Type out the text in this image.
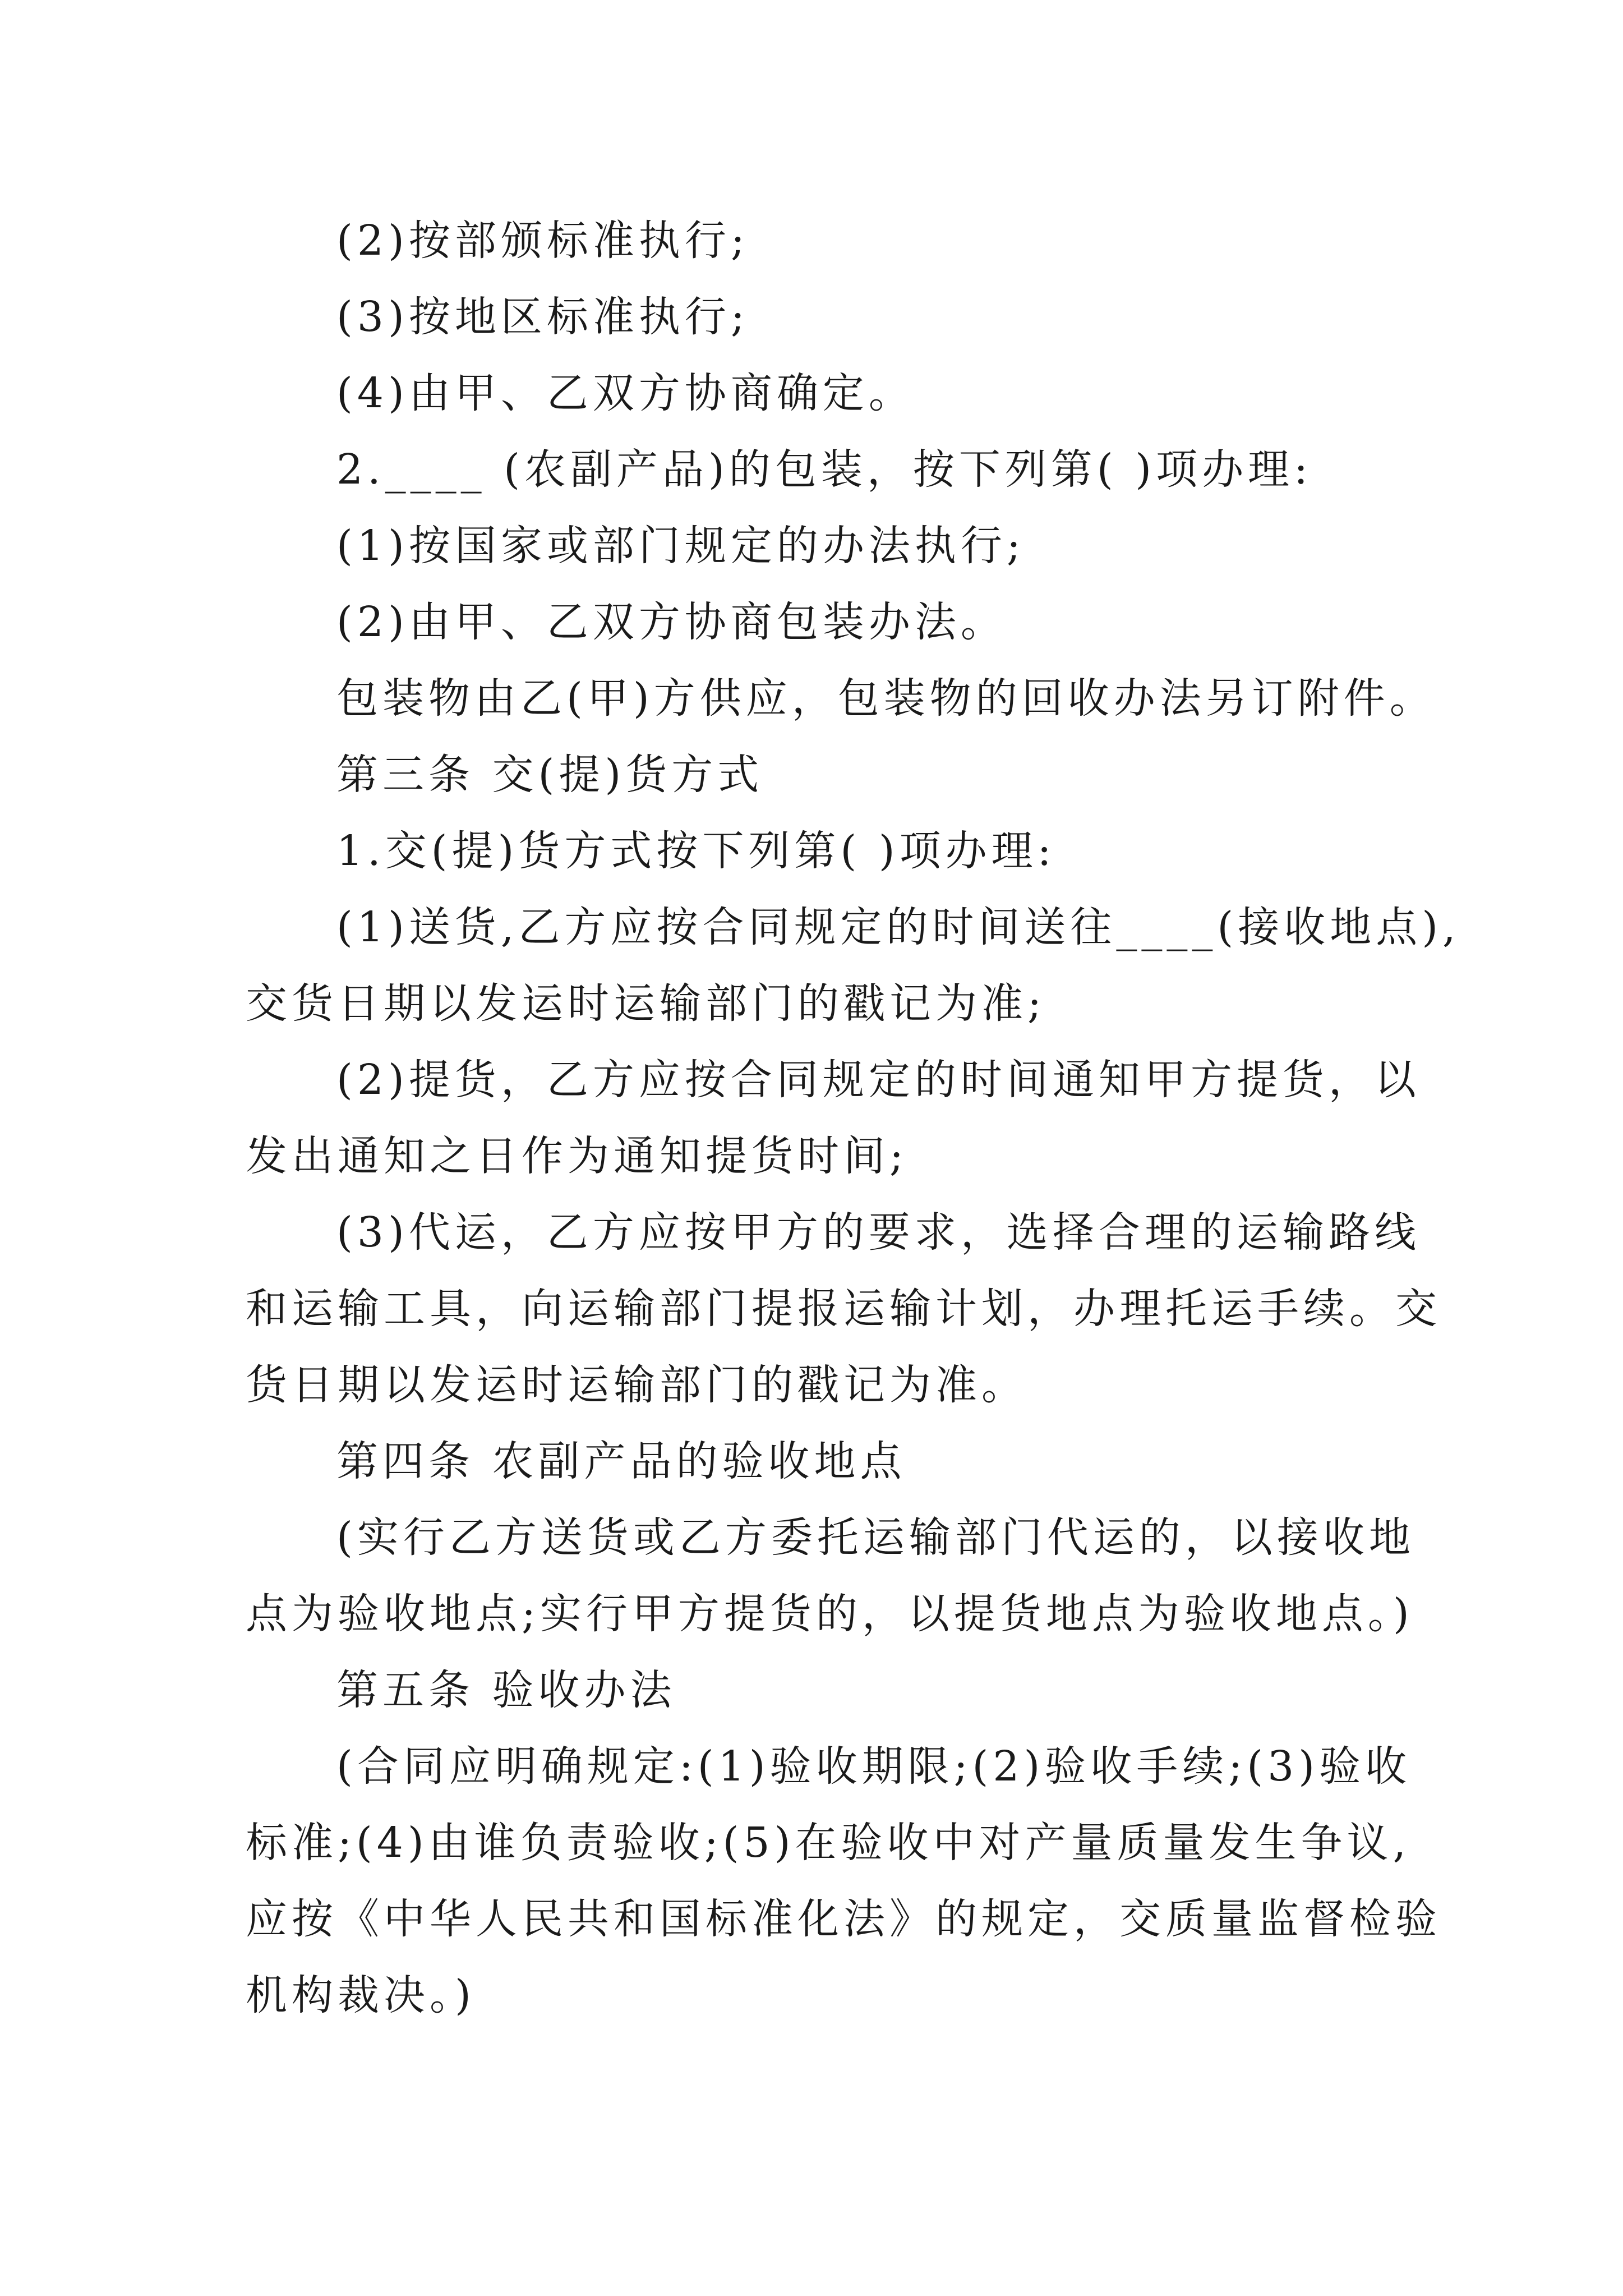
(2)按部颁标准执行;
(3)按地区标准执行;
(4)由甲、乙双方协商确定。
2.____ (农副产品)的包装，按下列第( )项办理:
(1)按国家或部门规定的办法执行;
(2)由甲、乙双方协商包装办法。
包装物由乙(甲)方供应，包装物的回收办法另订附件。
第三条 交(提)货方式
1.交(提)货方式按下列第( )项办理:
(1)送货,乙方应按合同规定的时间送往____(接收地点),
交货日期以发运时运输部门的戳记为准;
(2)提货，乙方应按合同规定的时间通知甲方提货，以
发出通知之日作为通知提货时间;
(3)代运，乙方应按甲方的要求，选择合理的运输路线
和运输工具，向运输部门提报运输计划，办理托运手续。交
货日期以发运时运输部门的戳记为准。
第四条 农副产品的验收地点
(实行乙方送货或乙方委托运输部门代运的，以接收地
点为验收地点;实行甲方提货的，以提货地点为验收地点。)
第五条 验收办法
(合同应明确规定:(1)验收期限;(2)验收手续;(3)验收
标准;(4)由谁负责验收;(5)在验收中对产量质量发生争议,
应按《中华人民共和国标准化法》的规定，交质量监督检验
机构裁决。)
